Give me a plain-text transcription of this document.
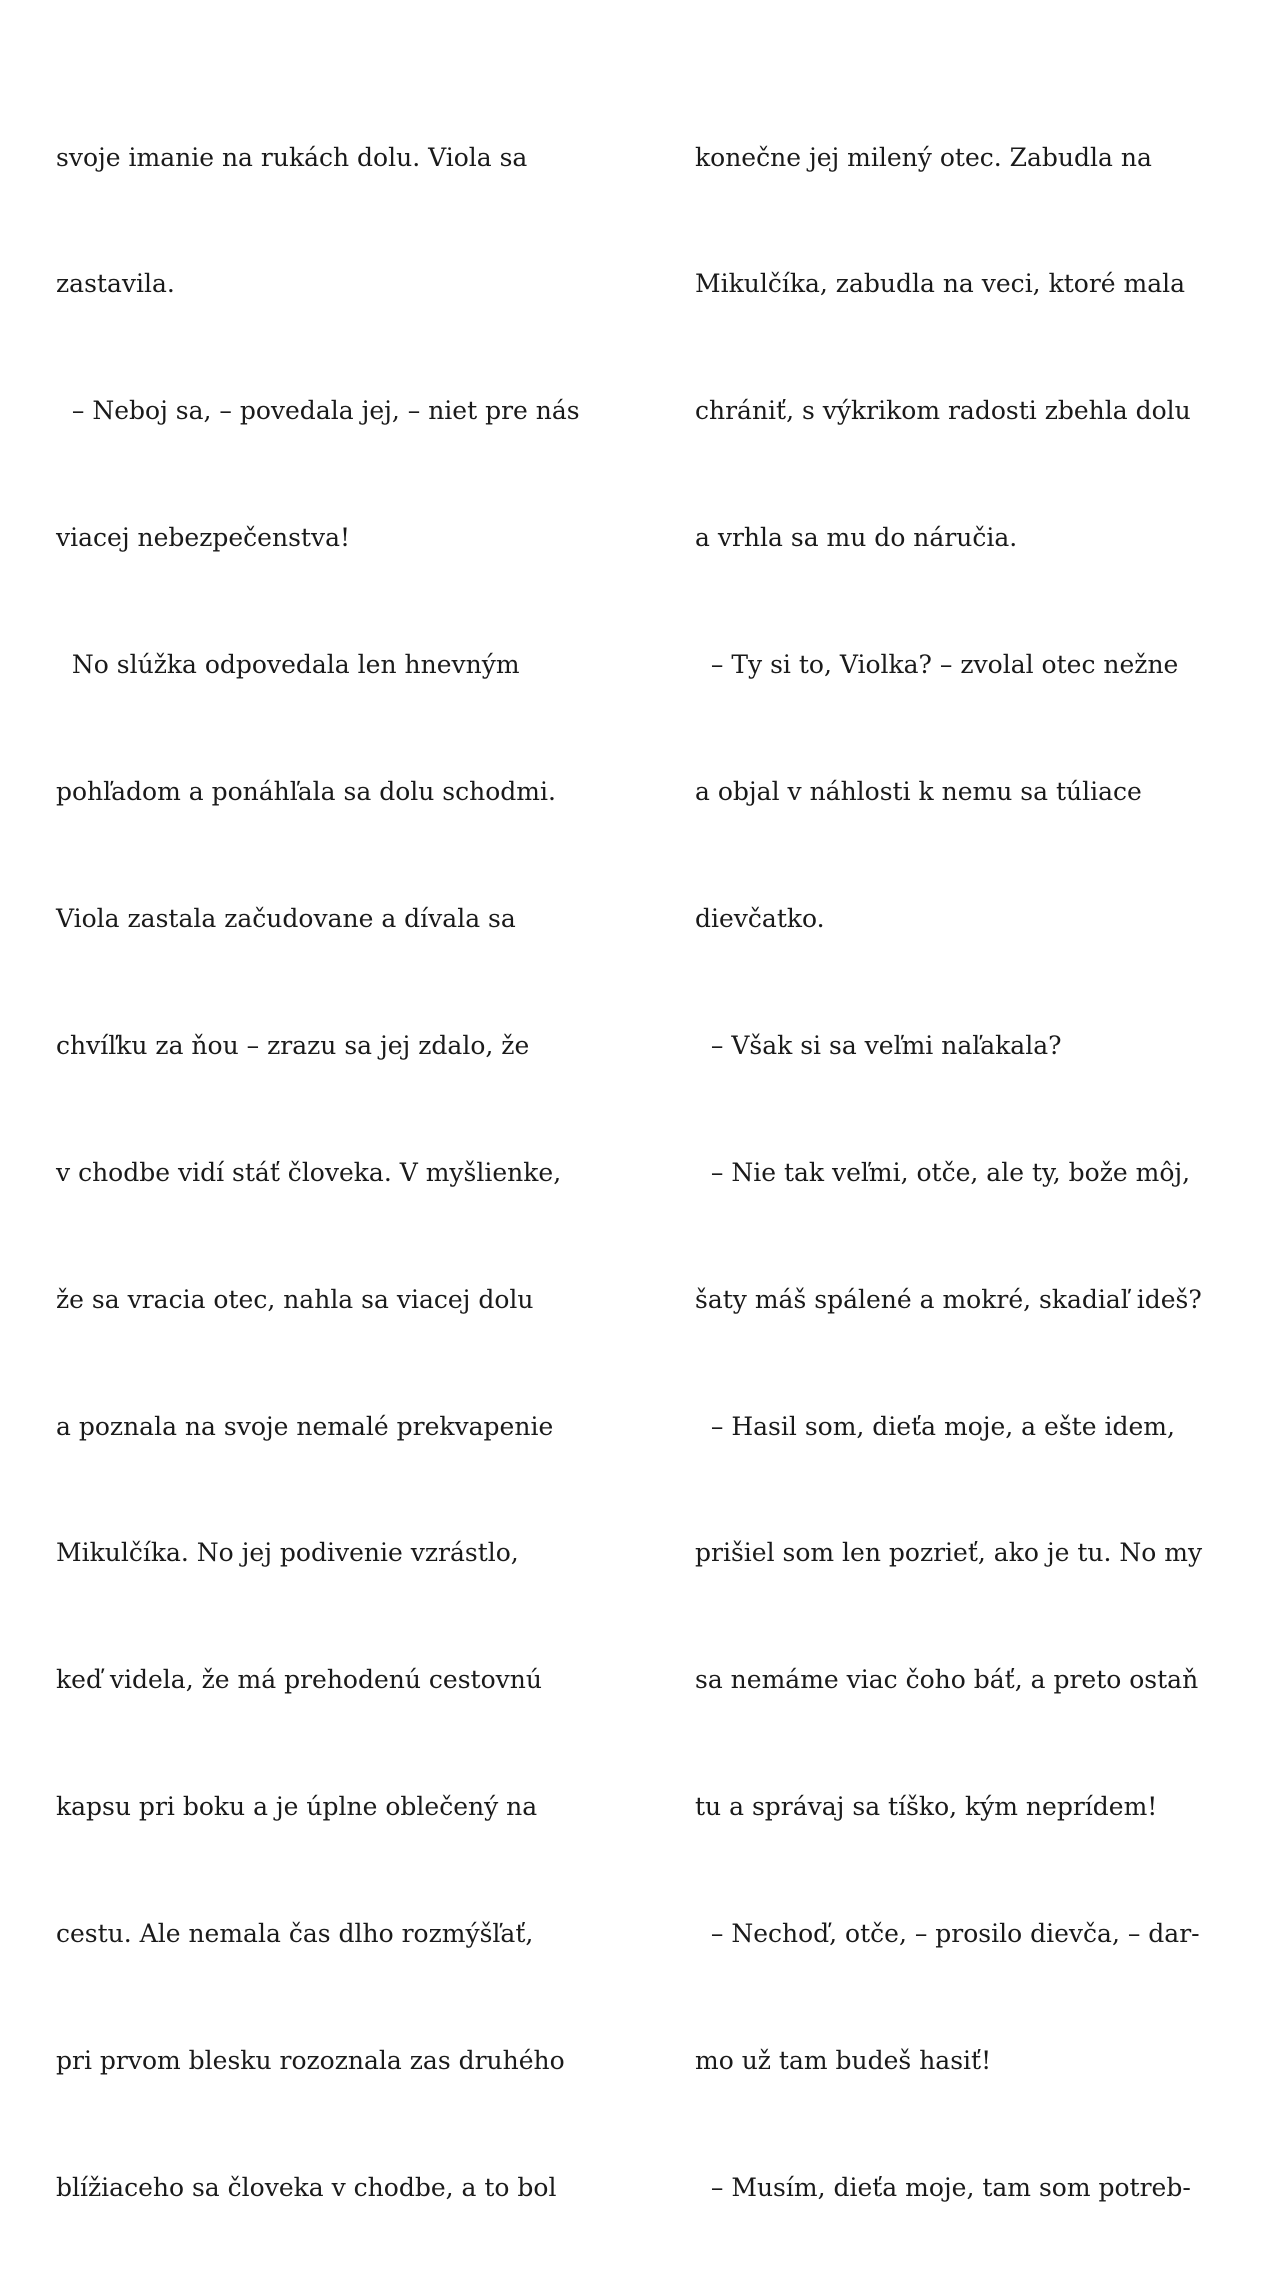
svoje imanie na rukách dolu. Viola sa

zastavila.

– Neboj sa, – povedala jej, – niet pre nás

viacej nebezpečenstva!

No slúžka odpovedala len hnevným

pohľadom a ponáhľala sa dolu schodmi.

Viola zastala začudovane a dívala sa

chvíľku za ňou – zrazu sa jej zdalo, že

v chodbe vidí stáť človeka. V myšlienke,

že sa vracia otec, nahla sa viacej dolu

a poznala na svoje nemalé prekvapenie

Mikulčíka. No jej podivenie vzrástlo,

keď videla, že má prehodenú cestovnú

kapsu pri boku a je úplne oblečený na

cestu. Ale nemala čas dlho rozmýšľať,

pri prvom blesku rozoznala zas druhého

blížiaceho sa človeka v chodbe, a to bol

konečne jej milený otec. Zabudla na

Mikulčíka, zabudla na veci, ktoré mala

chrániť, s výkrikom radosti zbehla dolu

a vrhla sa mu do náručia.

– Ty si to, Violka? – zvolal otec nežne

a objal v náhlosti k nemu sa túliace

dievčatko.

– Však si sa veľmi naľakala?

– Nie tak veľmi, otče, ale ty, bože môj,

šaty máš spálené a mokré, skadiaľ ideš?

– Hasil som, dieťa moje, a ešte idem,

prišiel som len pozrieť, ako je tu. No my

sa nemáme viac čoho báť, a preto ostaň

tu a správaj sa tíško, kým neprídem!

– Nechoď, otče, – prosilo dievča, – dar-

mo už tam budeš hasiť!

– Musím, dieťa moje, tam som potreb-
